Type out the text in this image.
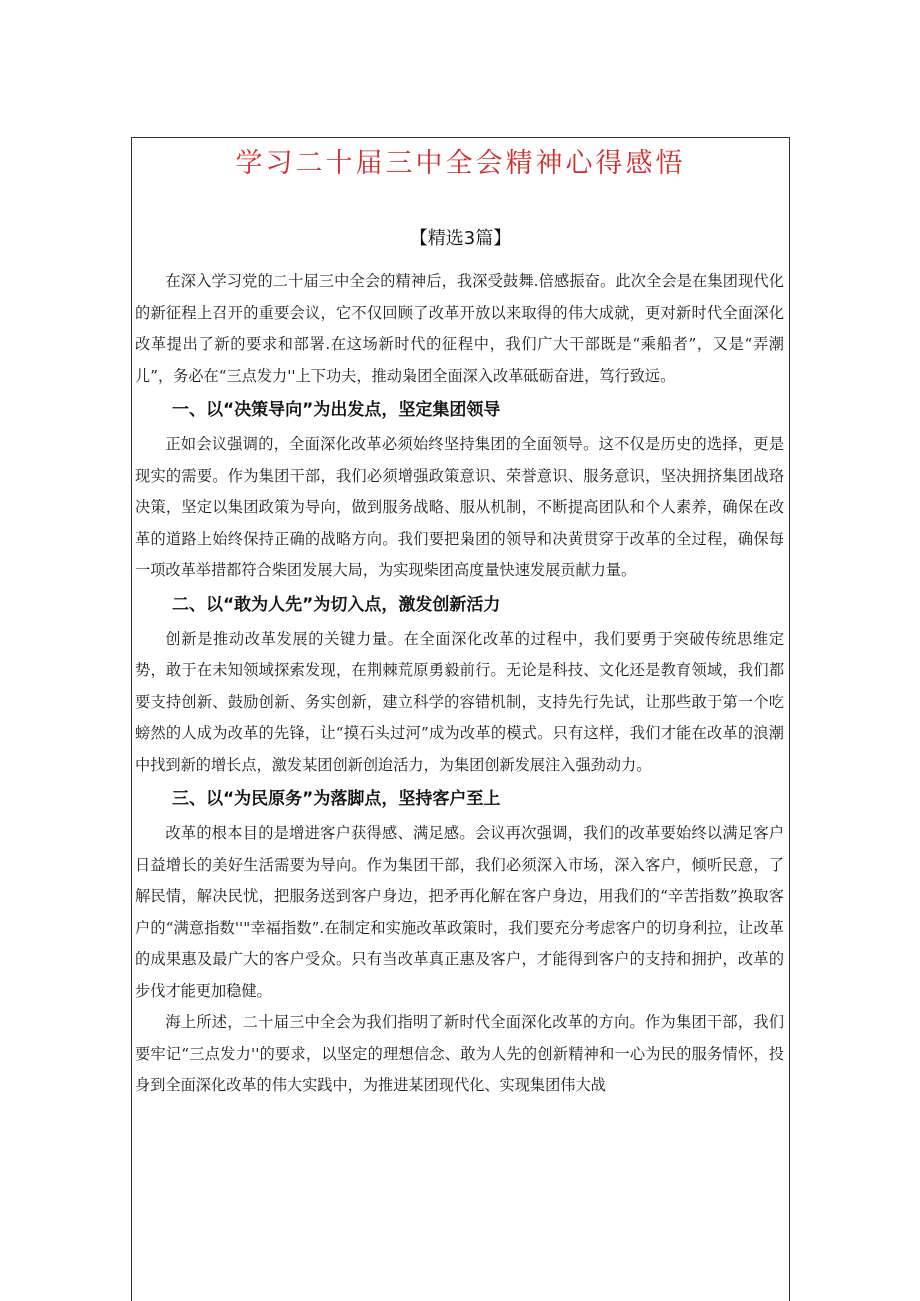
学习二十届三中全会精神心得感悟
【精选3篇】

在深入学习党的二十届三中全会的精神后，我深受鼓舞.倍感振奋。此次全会是在集团现代化的新征程上召开的重要会议，它不仅回顾了改革开放以来取得的伟大成就，更对新时代全面深化改革提出了新的要求和部署.在这场新时代的征程中，我们广大干部既是“乘船者”，又是“弄潮儿”，务必在“三点发力''上下功夫，推动枭团全面深入改革砥砺奋进，笃行致远。

一、以“决策导向”为出发点，坚定集团领导

正如会议强调的，全面深化改革必须始终坚持集团的全面领导。这不仅是历史的选择，更是现实的需要。作为集团干部，我们必须增强政策意识、荣誉意识、服务意识，坚决拥挤集团战珞决策，坚定以集团政策为导向，做到服务战略、服从机制，不断提高团队和个人素养，确保在改革的道路上始终保持正确的战略方向。我们要把枭团的领导和决黄贯穿于改革的全过程，确保每一项改革举措都符合柴团发展大局，为实现柴团高度量快速发展贡献力量。

二、以“敢为人先”为切入点，激发创新活力

创新是推动改革发展的关键力量。在全面深化改革的过程中，我们要勇于突破传统思维定势，敢于在未知领域探索发现，在荆棘荒原勇毅前行。无论是科技、文化还是教育领域，我们都要支持创新、鼓励创新、务实创新，建立科学的容错机制，支持先行先试，让那些敢于第一个吃螃然的人成为改革的先锋，让“摸石头过河”成为改革的模式。只有这样，我们才能在改革的浪潮中找到新的增长点，激发某团创新创迨活力，为集团创新发展注入强劲动力。

三、以“为民原务”为落脚点，坚持客户至上

改革的根本目的是增进客户获得感、满足感。会议再次强调，我们的改革要始终以满足客户日益增长的美好生活需要为导向。作为集团干部，我们必须深入市场，深入客户，倾听民意，了解民情，解决民忧，把服务送到客户身边，把矛再化解在客户身边，用我们的“辛苦指数”换取客户的“满意指数''"幸福指数”.在制定和实施改革政策时，我们要充分考虑客户的切身利拉，让改革的成果惠及最广大的客户受众。只有当改革真正惠及客户，才能得到客户的支持和拥护，改革的步伐才能更加稳健。

海上所述，二十届三中全会为我们指明了新时代全面深化改革的方向。作为集团干部，我们要牢记“三点发力''的要求，以坚定的理想信念、敢为人先的创新精神和一心为民的服务情怀，投身到全面深化改革的伟大实践中，为推进某团现代化、实现集团伟大战
